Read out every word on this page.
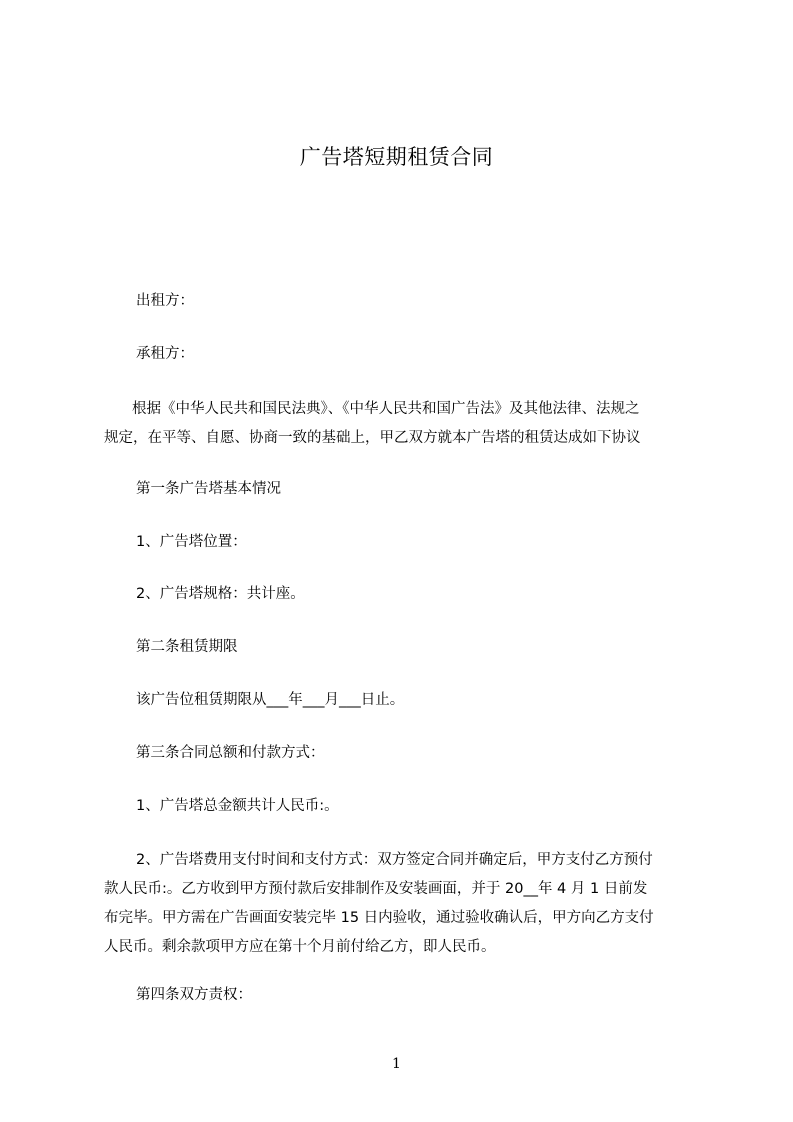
广告塔短期租赁合同

出租方：

承租方：

根据《中华人民共和国民法典》、《中华人民共和国广告法》及其他法律、法规之
规定，在平等、自愿、协商一致的基础上，甲乙双方就本广告塔的租赁达成如下协议

第一条广告塔基本情况

1、广告塔位置：

2、广告塔规格：共计座。

第二条租赁期限

该广告位租赁期限从___年___月___日止。

第三条合同总额和付款方式：

1、广告塔总金额共计人民币:。

2、广告塔费用支付时间和支付方式：双方签定合同并确定后，甲方支付乙方预付
款人民币:。乙方收到甲方预付款后安排制作及安装画面，并于 20__年 4 月 1 日前发
布完毕。甲方需在广告画面安装完毕 15 日内验收，通过验收确认后，甲方向乙方支付
人民币。剩余款项甲方应在第十个月前付给乙方，即人民币。

第四条双方责权：

1
